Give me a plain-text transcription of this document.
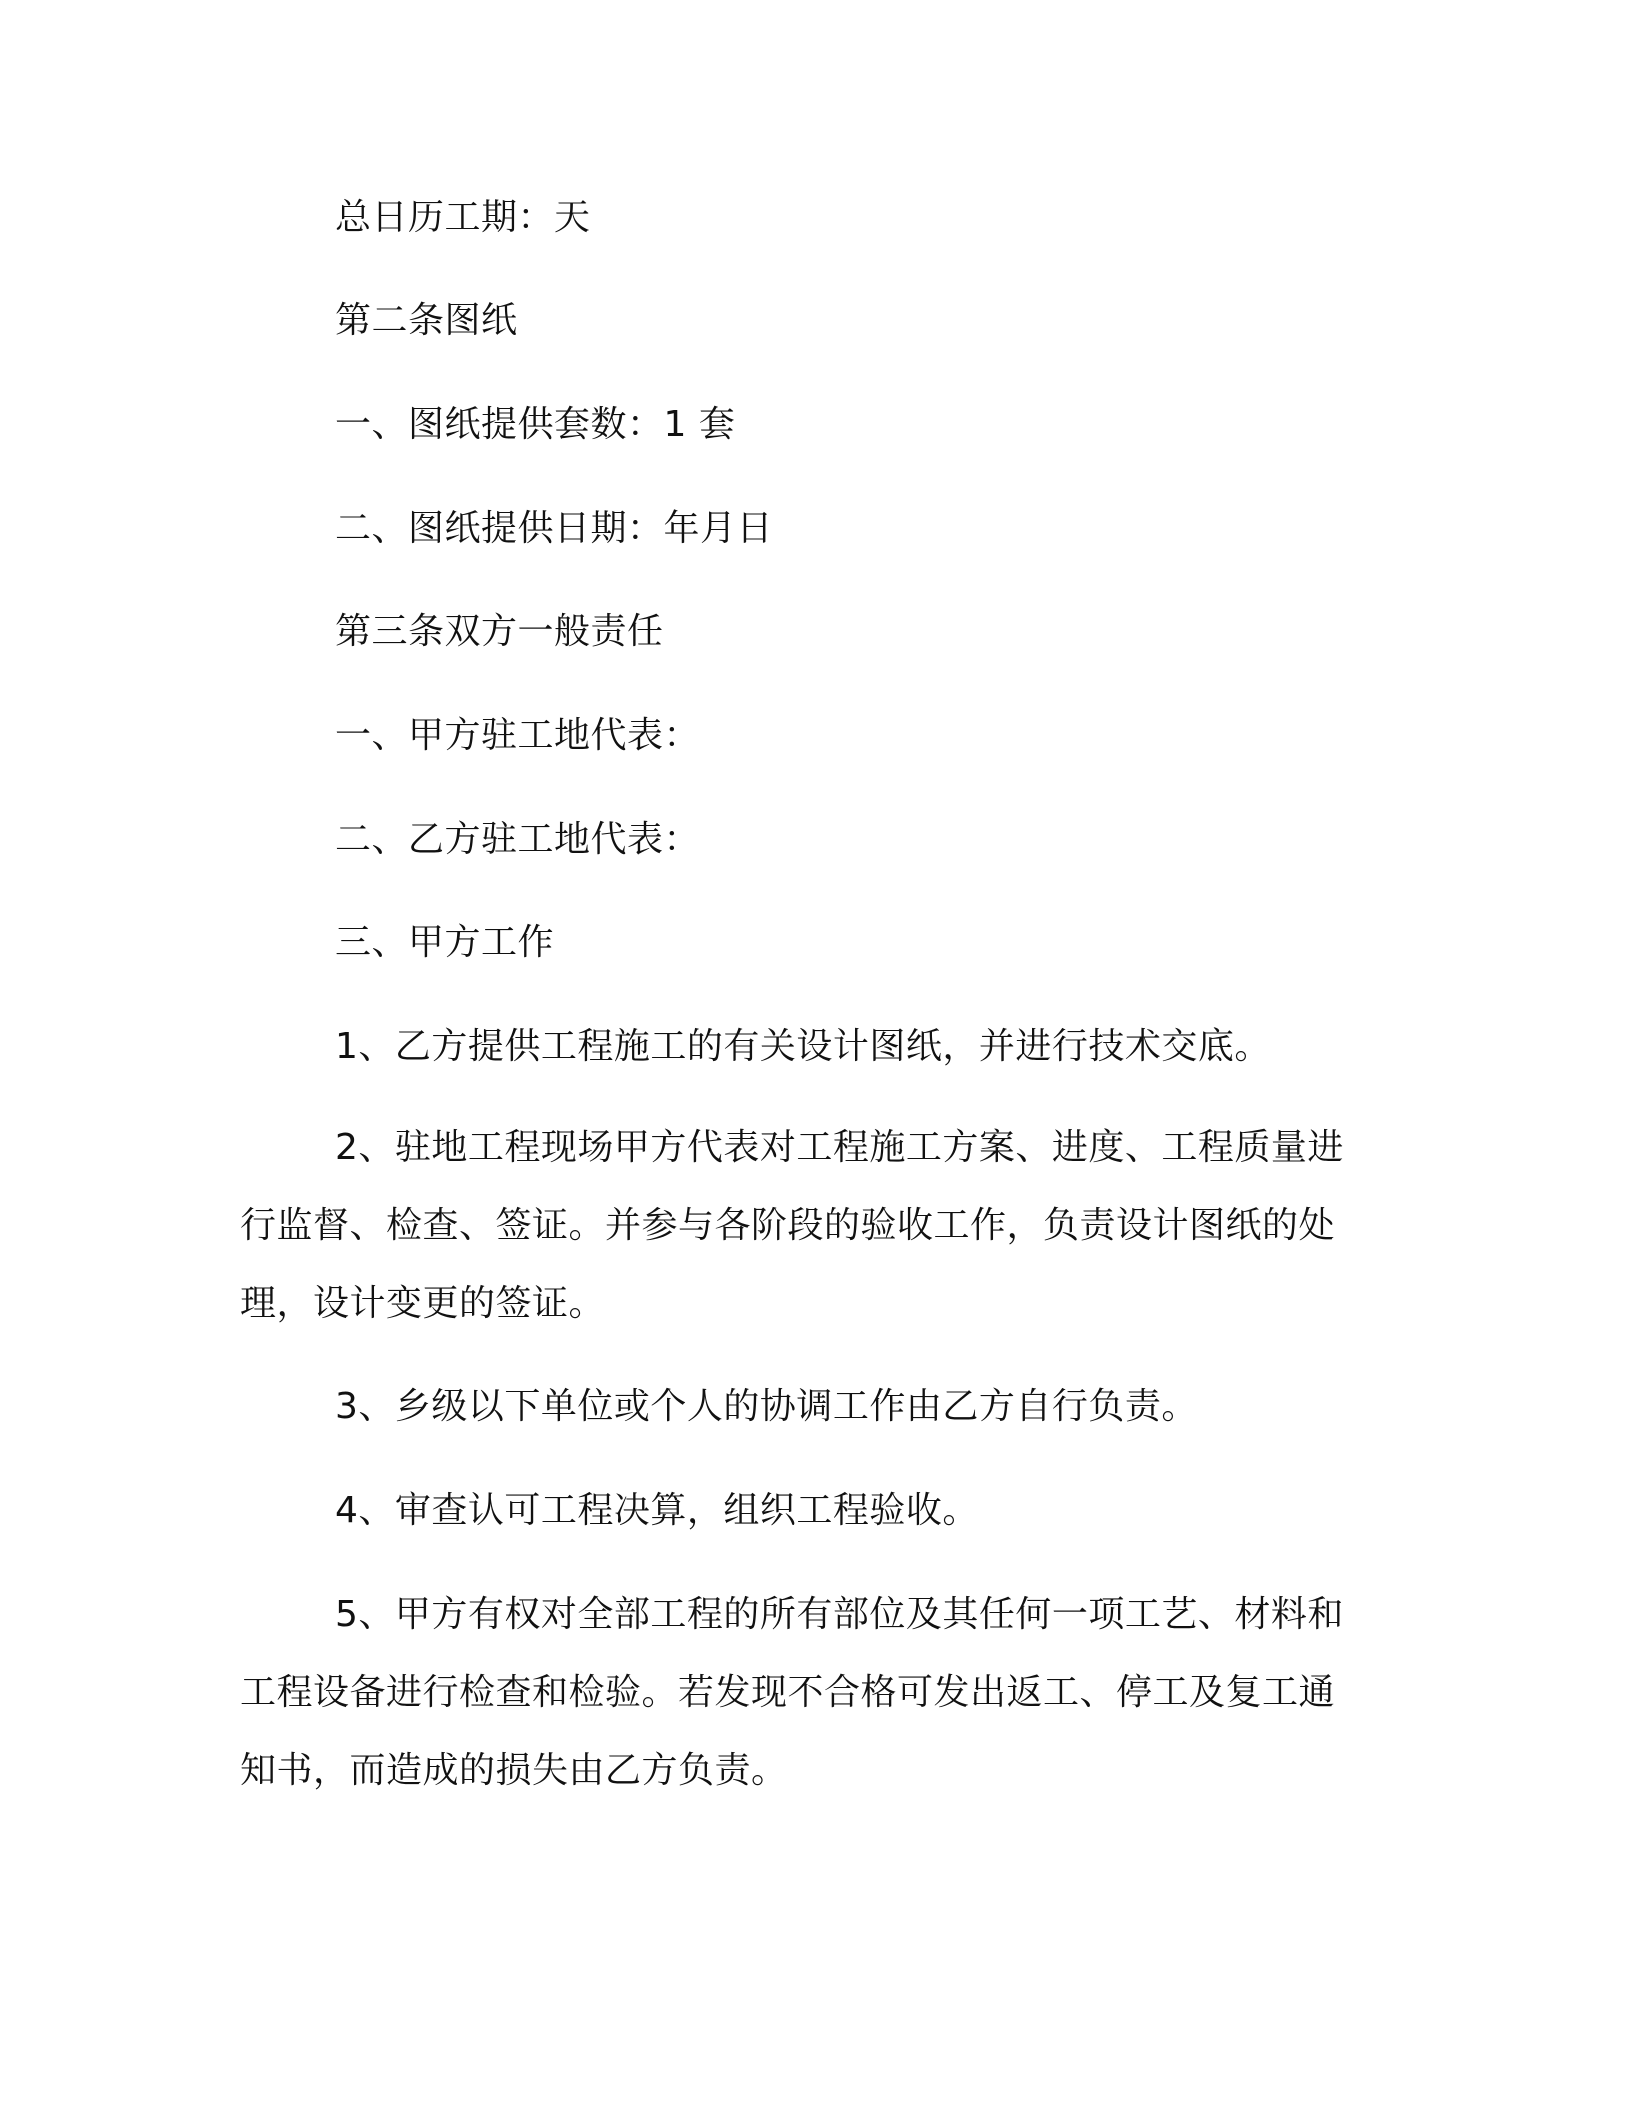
总日历工期：天

第二条图纸

一、图纸提供套数：1 套

二、图纸提供日期：年月日

第三条双方一般责任

一、甲方驻工地代表：

二、乙方驻工地代表：

三、甲方工作

1、乙方提供工程施工的有关设计图纸，并进行技术交底。

2、驻地工程现场甲方代表对工程施工方案、进度、工程质量进行监督、检查、签证。并参与各阶段的验收工作，负责设计图纸的处理，设计变更的签证。

3、乡级以下单位或个人的协调工作由乙方自行负责。

4、审查认可工程决算，组织工程验收。

5、甲方有权对全部工程的所有部位及其任何一项工艺、材料和工程设备进行检查和检验。若发现不合格可发出返工、停工及复工通知书，而造成的损失由乙方负责。
